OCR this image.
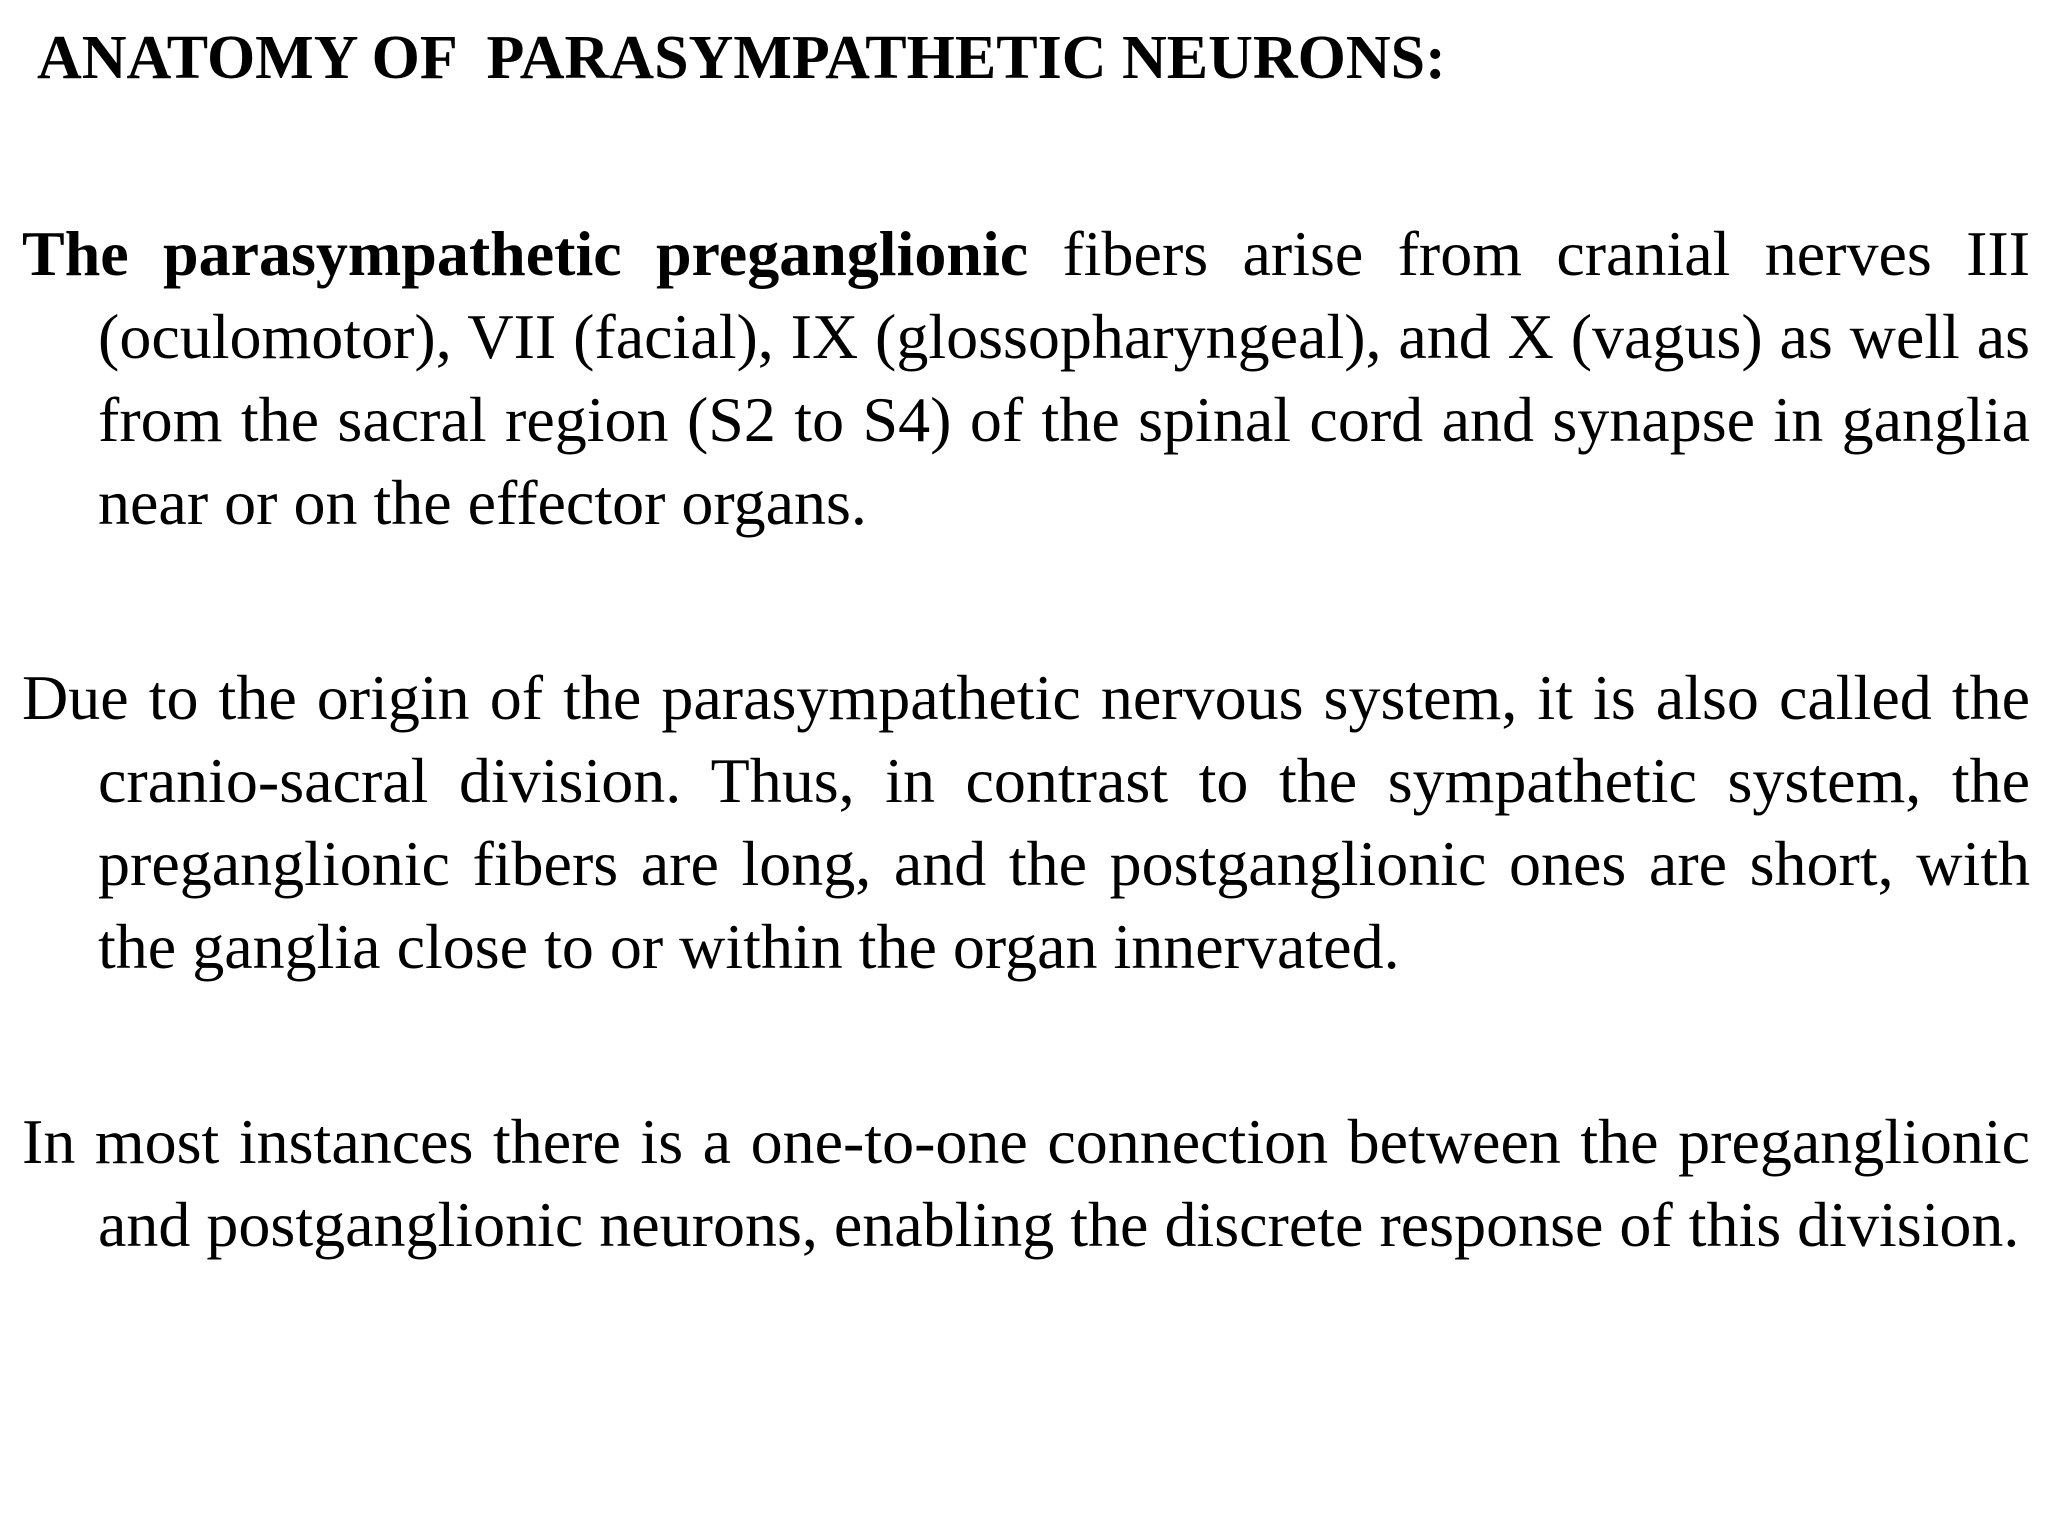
ANATOMY OF  PARASYMPATHETIC NEURONS:

The parasympathetic preganglionic fibers arise from cranial nerves III (oculomotor), VII (facial), IX (glossopharyngeal), and X (vagus) as well as from the sacral region (S2 to S4) of the spinal cord and synapse in ganglia near or on the effector organs.

Due to the origin of the parasympathetic nervous system, it is also called the cranio-sacral division. Thus, in contrast to the sympathetic system, the preganglionic fibers are long, and the postganglionic ones are short, with the ganglia close to or within the organ innervated.

In most instances there is a one-to-one connection between the preganglionic and postganglionic neurons, enabling the discrete response of this division.
